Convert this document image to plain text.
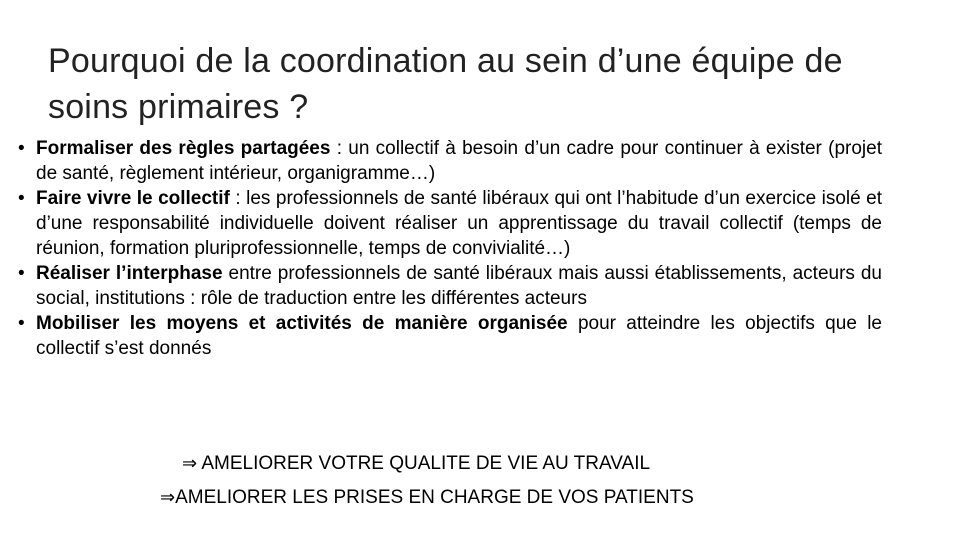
Pourquoi de la coordination au sein d’une équipe de soins primaires ?
• Formaliser des règles partagées : un collectif à besoin d’un cadre pour continuer à exister (projet de santé, règlement intérieur, organigramme…)
• Faire vivre le collectif : les professionnels de santé libéraux qui ont l’habitude d’un exercice isolé et d’une responsabilité individuelle doivent réaliser un apprentissage du travail collectif (temps de réunion, formation pluriprofessionnelle, temps de convivialité…)
• Réaliser l’interphase entre professionnels de santé libéraux mais aussi établissements, acteurs du social, institutions : rôle de traduction entre les différentes acteurs
• Mobiliser les moyens et activités de manière organisée pour atteindre les objectifs que le collectif s’est donnés
⇒ AMELIORER VOTRE QUALITE DE VIE AU TRAVAIL
⇒AMELIORER LES PRISES EN CHARGE DE VOS PATIENTS
